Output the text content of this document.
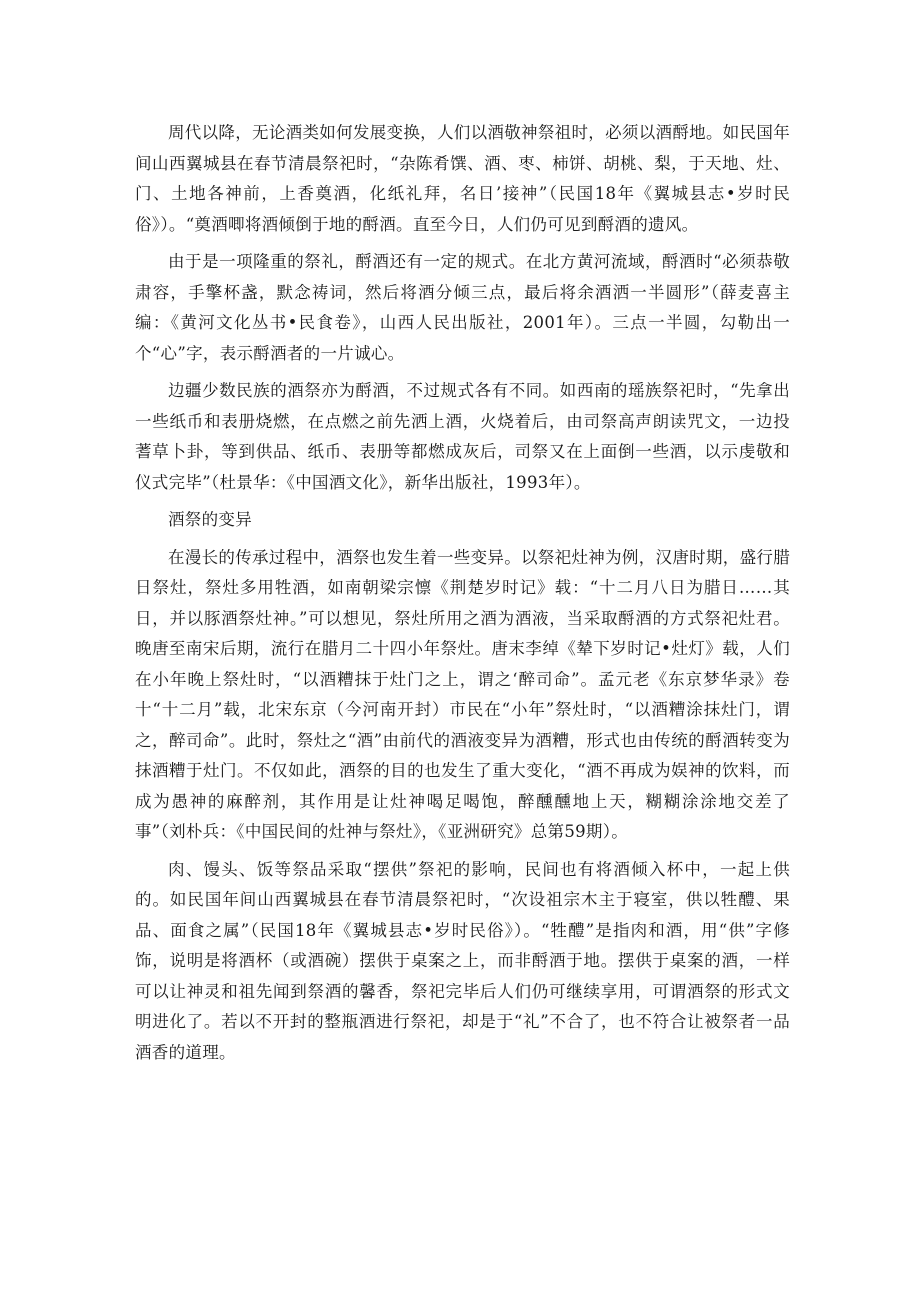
周代以降，无论酒类如何发展变换，人们以酒敬神祭祖时，必须以酒酹地。如民国年间山西翼城县在春节清晨祭祀时，“杂陈肴馔、酒、枣、柿饼、胡桃、梨，于天地、灶、门、土地各神前，上香奠酒，化纸礼拜，名日’接神”（民国18年《翼城县志•岁时民俗》）。“奠酒唧将酒倾倒于地的酹酒。直至今日，人们仍可见到酹酒的遗风。

由于是一项隆重的祭礼，酹酒还有一定的规式。在北方黄河流域，酹酒时“必须恭敬肃容，手擎杯盏，默念祷词，然后将酒分倾三点，最后将余酒洒一半圆形”（薛麦喜主编：《黄河文化丛书•民食卷》，山西人民出版社，2001年）。三点一半圆，勾勒出一个“心”字，表示酹酒者的一片诚心。

边疆少数民族的酒祭亦为酹酒，不过规式各有不同。如西南的瑶族祭祀时，“先拿出一些纸币和表册烧燃，在点燃之前先洒上酒，火烧着后，由司祭高声朗读咒文，一边投蓍草卜卦，等到供品、纸币、表册等都燃成灰后，司祭又在上面倒一些酒，以示虔敬和仪式完毕”（杜景华：《中国酒文化》，新华出版社，1993年）。

酒祭的变异

在漫长的传承过程中，酒祭也发生着一些变异。以祭祀灶神为例，汉唐时期，盛行腊日祭灶，祭灶多用牲酒，如南朝梁宗懔《荆楚岁时记》载：“十二月八日为腊日……其日，并以豚酒祭灶神。”可以想见，祭灶所用之酒为酒液，当采取酹酒的方式祭祀灶君。晚唐至南宋后期，流行在腊月二十四小年祭灶。唐末李绰《辇下岁时记•灶灯》载，人们在小年晚上祭灶时，“以酒糟抹于灶门之上，谓之‘醉司命”。孟元老《东京梦华录》卷十“十二月”载，北宋东京（今河南开封）市民在“小年”祭灶时，“以酒糟涂抹灶门，谓之，醉司命”。此时，祭灶之“酒”由前代的酒液变异为酒糟，形式也由传统的酹酒转变为抹酒糟于灶门。不仅如此，酒祭的目的也发生了重大变化，“酒不再成为娱神的饮料，而成为愚神的麻醉剂，其作用是让灶神喝足喝饱，醉醺醺地上天，糊糊涂涂地交差了事”（刘朴兵：《中国民间的灶神与祭灶》，《亚洲研究》总第59期）。

肉、馒头、饭等祭品采取“摆供”祭祀的影响，民间也有将酒倾入杯中，一起上供的。如民国年间山西翼城县在春节清晨祭祀时，“次设祖宗木主于寝室，供以牲醴、果品、面食之属”（民国18年《翼城县志•岁时民俗》）。“牲醴”是指肉和酒，用“供”字修饰，说明是将酒杯（或酒碗）摆供于桌案之上，而非酹酒于地。摆供于桌案的酒，一样可以让神灵和祖先闻到祭酒的馨香，祭祀完毕后人们仍可继续享用，可谓酒祭的形式文明进化了。若以不开封的整瓶酒进行祭祀，却是于“礼”不合了，也不符合让被祭者一品酒香的道理。
